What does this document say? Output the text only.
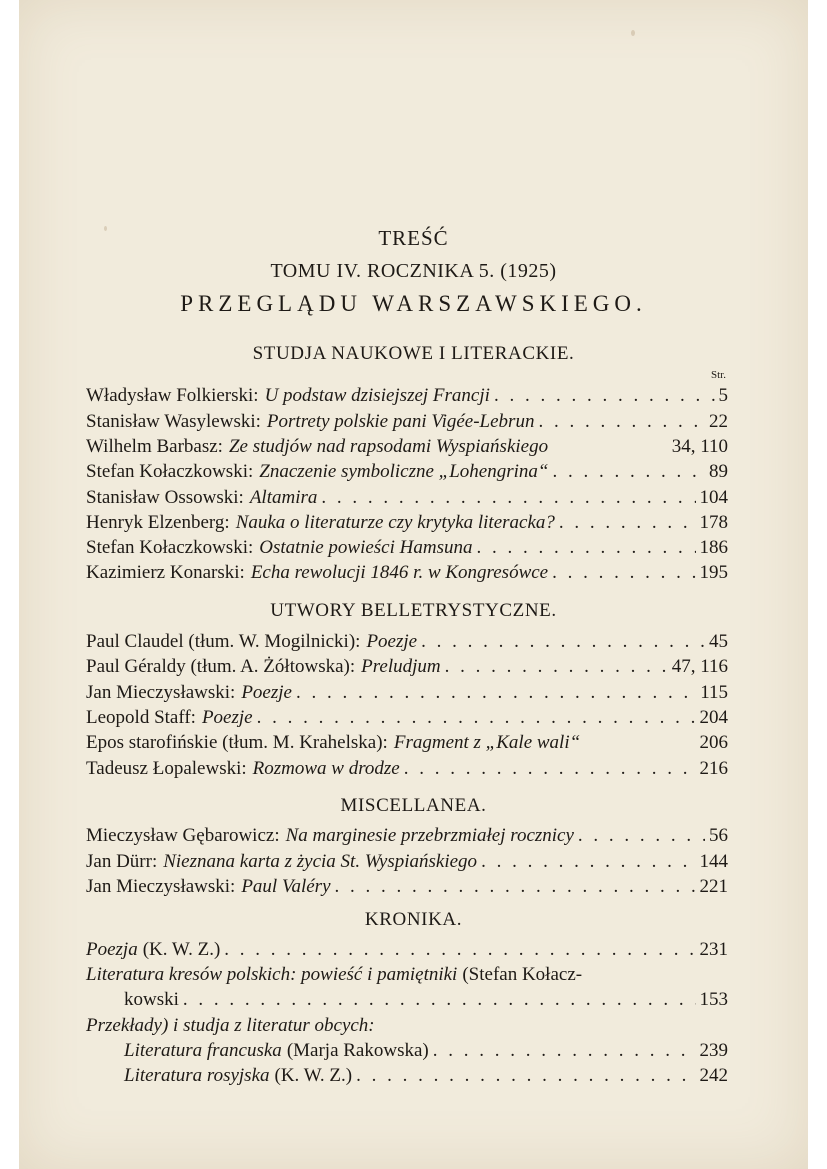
TREŚĆ
TOMU IV. ROCZNIKA 5. (1925)
PRZEGLĄDU WARSZAWSKIEGO.
STUDJA NAUKOWE I LITERACKIE.
Str.
Władysław Folkierski: U podstaw dzisiejszej Francji . . .	5
Stanisław Wasylewski: Portrety polskie pani Vigée-Lebrun . . .	22
Wilhelm Barbasz: Ze studjów nad rapsodami Wyspiańskiego	34, 110
Stefan Kołaczkowski: Znaczenie symboliczne „Lohengrina“ . . .	89
Stanisław Ossowski: Altamira . . .	104
Henryk Elzenberg: Nauka o literaturze czy krytyka literacka? . . .	178
Stefan Kołaczkowski: Ostatnie powieści Hamsuna . . .	186
Kazimierz Konarski: Echa rewolucji 1846 r. w Kongresówce . . .	195
UTWORY BELLETRYSTYCZNE.
Paul Claudel (tłum. W. Mogilnicki): Poezje . . .	45
Paul Géraldy (tłum. A. Żółtowska): Preludjum . . .	47, 116
Jan Mieczysławski: Poezje . . .	115
Leopold Staff: Poezje . . .	204
Epos starofińskie (tłum. M. Krahelska): Fragment z „Kale wali“	206
Tadeusz Łopalewski: Rozmowa w drodze . . .	216
MISCELLANEA.
Mieczysław Gębarowicz: Na marginesie przebrzmiałej rocznicy . . .	56
Jan Dürr: Nieznana karta z życia St. Wyspiańskiego . . .	144
Jan Mieczysławski: Paul Valéry . . .	221
KRONIKA.
Poezja (K. W. Z.) . . .	231
Literatura kresów polskich: powieść i pamiętniki (Stefan Kołacz-
kowski . . .	153
Przekłady) i studja z literatur obcych:
Literatura francuska (Marja Rakowska) . . .	239
Literatura rosyjska (K. W. Z.) . . .	242
